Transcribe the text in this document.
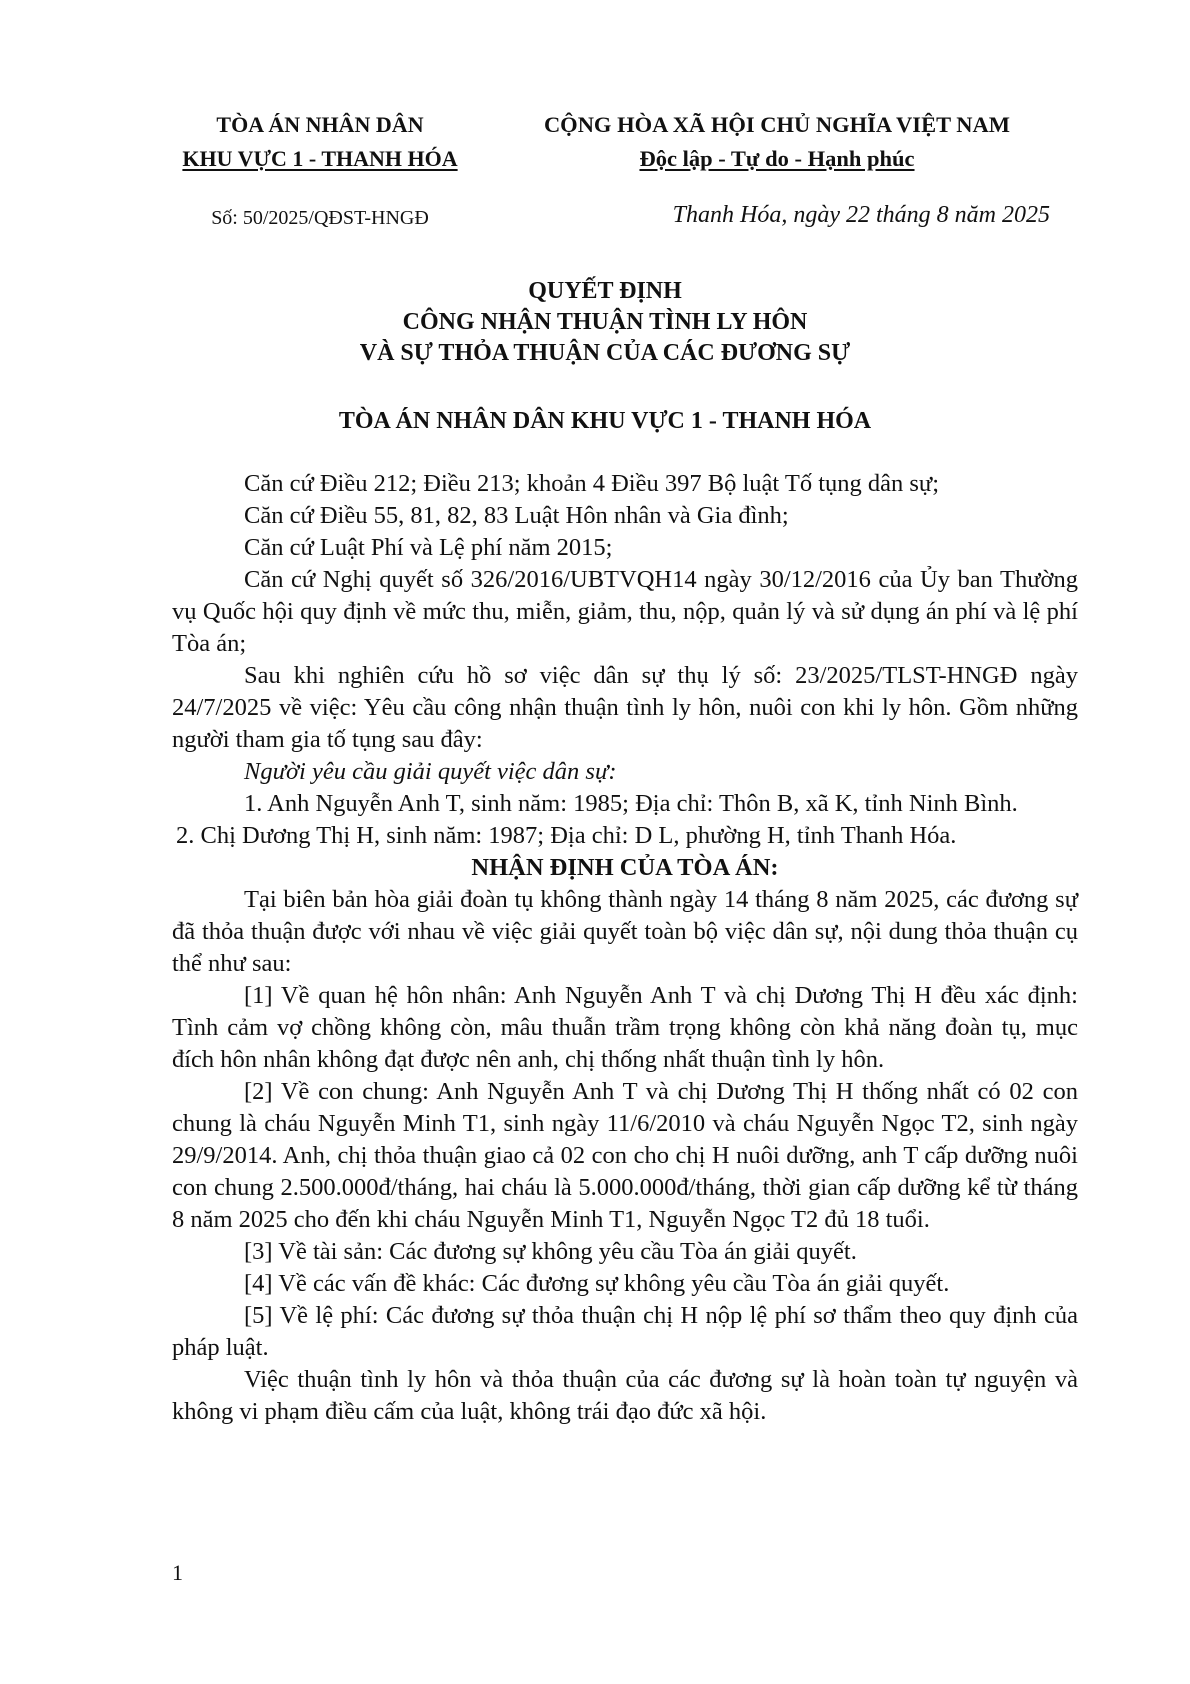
TÒA ÁN NHÂN DÂN
KHU VỰC 1 - THANH HÓA
CỘNG HÒA XÃ HỘI CHỦ NGHĨA VIỆT NAM
Độc lập - Tự do - Hạnh phúc
Số: 50/2025/QĐST-HNGĐ	Thanh Hóa, ngày 22 tháng 8 năm 2025
QUYẾT ĐỊNH
CÔNG NHẬN THUẬN TÌNH LY HÔN
VÀ SỰ THỎA THUẬN CỦA CÁC ĐƯƠNG SỰ
TÒA ÁN NHÂN DÂN KHU VỰC 1 - THANH HÓA

Căn cứ Điều 212; Điều 213; khoản 4 Điều 397 Bộ luật Tố tụng dân sự;

Căn cứ Điều 55, 81, 82, 83 Luật Hôn nhân và Gia đình;

Căn cứ Luật Phí và Lệ phí năm 2015;

Căn cứ Nghị quyết số 326/2016/UBTVQH14 ngày 30/12/2016 của Ủy ban Thường vụ Quốc hội quy định về mức thu, miễn, giảm, thu, nộp, quản lý và sử dụng án phí và lệ phí Tòa án;

Sau khi nghiên cứu hồ sơ việc dân sự thụ lý số: 23/2025/TLST-HNGĐ ngày 24/7/2025 về việc: Yêu cầu công nhận thuận tình ly hôn, nuôi con khi ly hôn. Gồm những người tham gia tố tụng sau đây:

Người yêu cầu giải quyết việc dân sự:

1. Anh Nguyễn Anh T, sinh năm: 1985; Địa chỉ: Thôn B, xã K, tỉnh Ninh Bình.

2. Chị Dương Thị H, sinh năm: 1987; Địa chỉ: D L, phường H, tỉnh Thanh Hóa.

NHẬN ĐỊNH CỦA TÒA ÁN:

Tại biên bản hòa giải đoàn tụ không thành ngày 14 tháng 8 năm 2025, các đương sự đã thỏa thuận được với nhau về việc giải quyết toàn bộ việc dân sự, nội dung thỏa thuận cụ thể như sau:

[1] Về quan hệ hôn nhân: Anh Nguyễn Anh T và chị Dương Thị H đều xác định: Tình cảm vợ chồng không còn, mâu thuẫn trầm trọng không còn khả năng đoàn tụ, mục đích hôn nhân không đạt được nên anh, chị thống nhất thuận tình ly hôn.

[2] Về con chung: Anh Nguyễn Anh T và chị Dương Thị H thống nhất có 02 con chung là cháu Nguyễn Minh T1, sinh ngày 11/6/2010 và cháu Nguyễn Ngọc T2, sinh ngày 29/9/2014. Anh, chị thỏa thuận giao cả 02 con cho chị H nuôi dưỡng, anh T cấp dưỡng nuôi con chung 2.500.000đ/tháng, hai cháu là 5.000.000đ/tháng, thời gian cấp dưỡng kể từ tháng 8 năm 2025 cho đến khi cháu Nguyễn Minh T1, Nguyễn Ngọc T2 đủ 18 tuổi.

[3] Về tài sản: Các đương sự không yêu cầu Tòa án giải quyết.

[4] Về các vấn đề khác: Các đương sự không yêu cầu Tòa án giải quyết.

[5] Về lệ phí: Các đương sự thỏa thuận chị H nộp lệ phí sơ thẩm theo quy định của pháp luật.

Việc thuận tình ly hôn và thỏa thuận của các đương sự là hoàn toàn tự nguyện và không vi phạm điều cấm của luật, không trái đạo đức xã hội.

1
